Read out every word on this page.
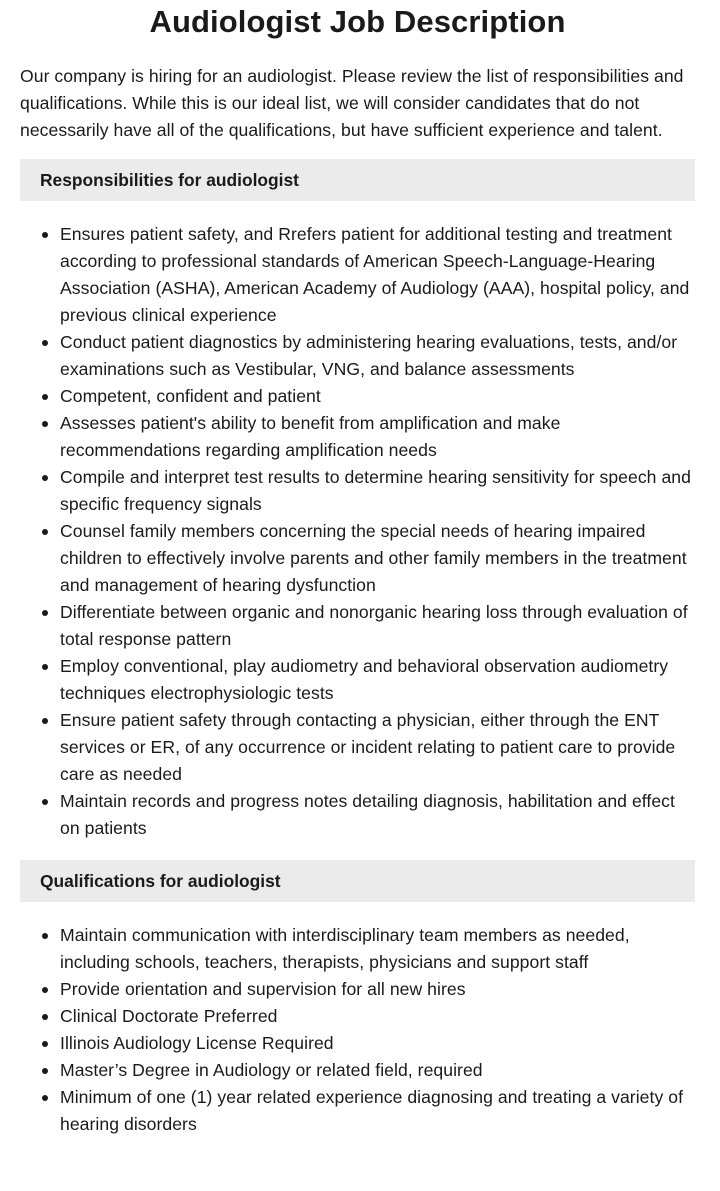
Audiologist Job Description

Our company is hiring for an audiologist. Please review the list of responsibilities and qualifications. While this is our ideal list, we will consider candidates that do not necessarily have all of the qualifications, but have sufficient experience and talent.

Responsibilities for audiologist
Ensures patient safety, and Rrefers patient for additional testing and treatment according to professional standards of American Speech-Language-Hearing Association (ASHA), American Academy of Audiology (AAA), hospital policy, and previous clinical experience
Conduct patient diagnostics by administering hearing evaluations, tests, and/or examinations such as Vestibular, VNG, and balance assessments
Competent, confident and patient
Assesses patient's ability to benefit from amplification and make recommendations regarding amplification needs
Compile and interpret test results to determine hearing sensitivity for speech and specific frequency signals
Counsel family members concerning the special needs of hearing impaired children to effectively involve parents and other family members in the treatment and management of hearing dysfunction
Differentiate between organic and nonorganic hearing loss through evaluation of total response pattern
Employ conventional, play audiometry and behavioral observation audiometry techniques electrophysiologic tests
Ensure patient safety through contacting a physician, either through the ENT services or ER, of any occurrence or incident relating to patient care to provide care as needed
Maintain records and progress notes detailing diagnosis, habilitation and effect on patients
Qualifications for audiologist
Maintain communication with interdisciplinary team members as needed, including schools, teachers, therapists, physicians and support staff
Provide orientation and supervision for all new hires
Clinical Doctorate Preferred
Illinois Audiology License Required
Master’s Degree in Audiology or related field, required
Minimum of one (1) year related experience diagnosing and treating a variety of hearing disorders
